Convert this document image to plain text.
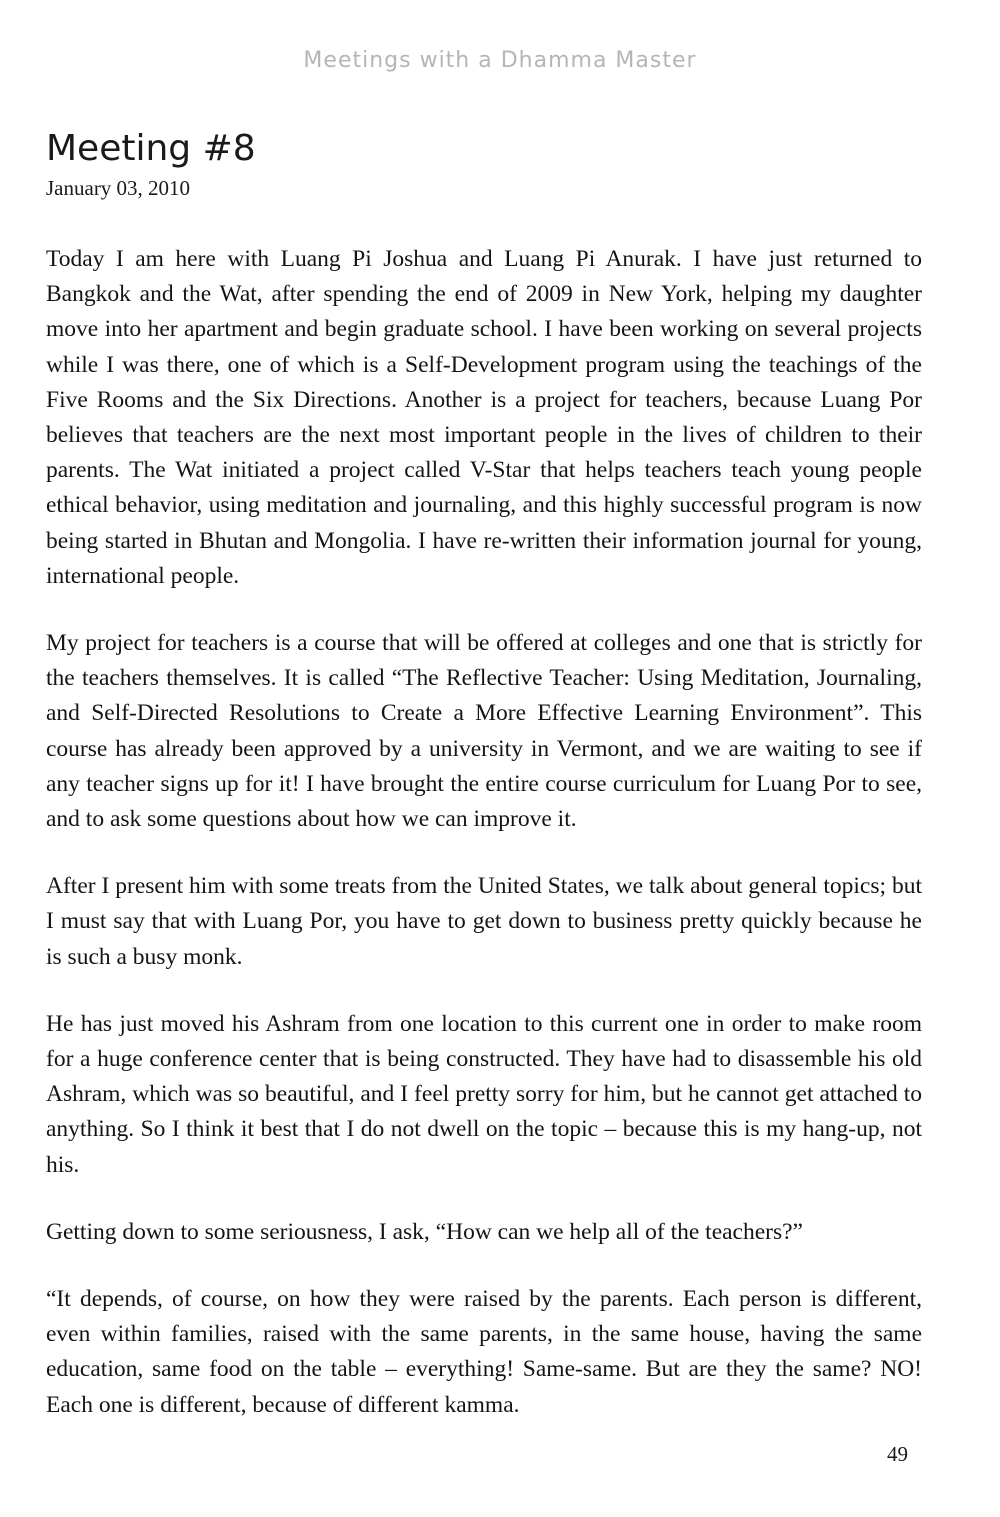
Meetings with a Dhamma Master
Meeting #8
January 03, 2010

Today I am here with Luang Pi Joshua and Luang Pi Anurak. I have just returned to Bangkok and the Wat, after spending the end of 2009 in New York, helping my daughter move into her apartment and begin graduate school. I have been working on several projects while I was there, one of which is a Self-Development program using the teachings of the Five Rooms and the Six Directions. Another is a project for teachers, because Luang Por believes that teachers are the next most important people in the lives of children to their parents. The Wat initiated a project called V-Star that helps teachers teach young people ethical behavior, using meditation and journaling, and this highly successful program is now being started in Bhutan and Mongolia. I have re-written their information journal for young, international people.

My project for teachers is a course that will be offered at colleges and one that is strictly for the teachers themselves. It is called “The Reflective Teacher: Using Meditation, Journaling, and Self-Directed Resolutions to Create a More Effective Learning Environment”. This course has already been approved by a university in Vermont, and we are waiting to see if any teacher signs up for it! I have brought the entire course curriculum for Luang Por to see, and to ask some questions about how we can improve it.

After I present him with some treats from the United States, we talk about general topics; but I must say that with Luang Por, you have to get down to business pretty quickly because he is such a busy monk.

He has just moved his Ashram from one location to this current one in order to make room for a huge conference center that is being constructed. They have had to disassemble his old Ashram, which was so beautiful, and I feel pretty sorry for him, but he cannot get attached to anything. So I think it best that I do not dwell on the topic – because this is my hang-up, not his.

Getting down to some seriousness, I ask, “How can we help all of the teachers?”

“It depends, of course, on how they were raised by the parents. Each person is different, even within families, raised with the same parents, in the same house, having the same education, same food on the table – everything! Same-same. But are they the same? NO! Each one is different, because of different kamma.

49
